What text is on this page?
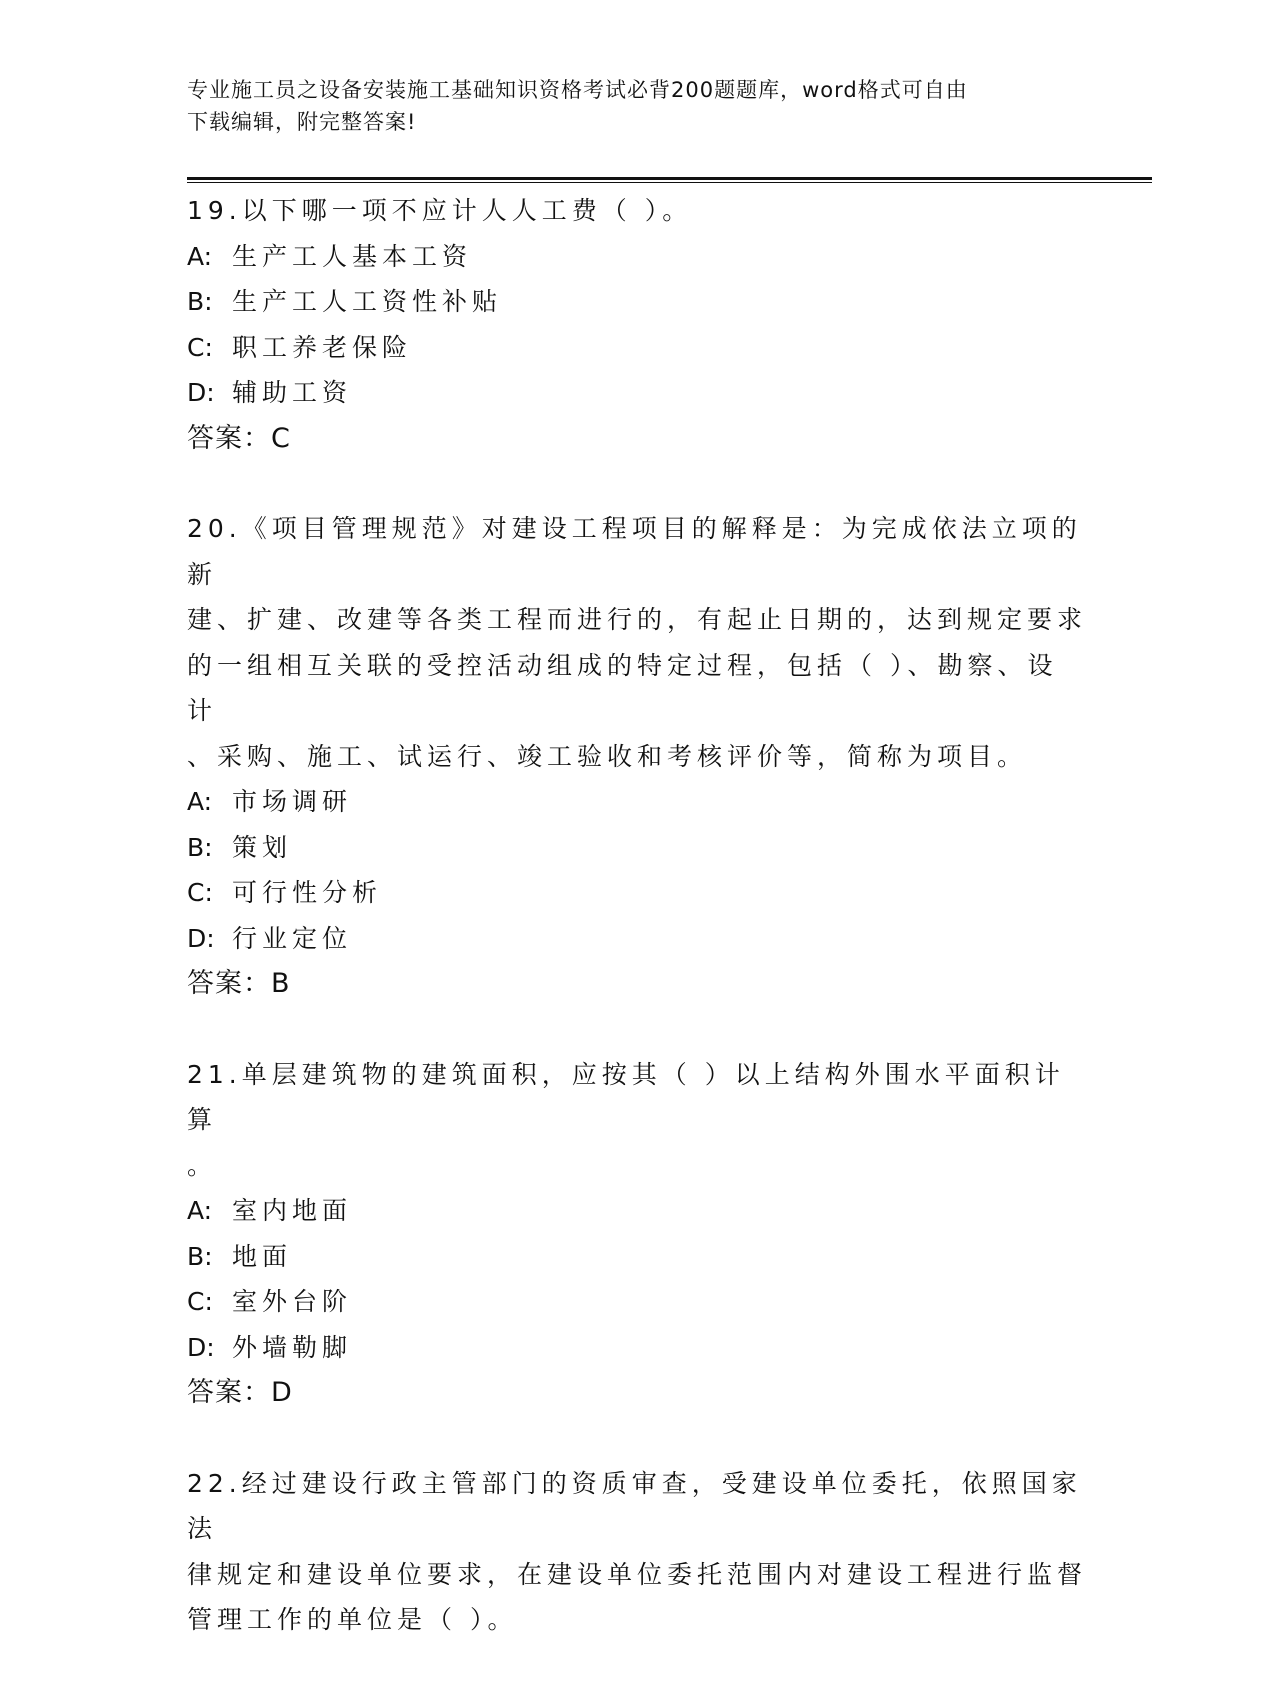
专业施工员之设备安装施工基础知识资格考试必背200题题库，word格式可自由
下载编辑，附完整答案!

19.以下哪一项不应计人人工费（ ）。

A: 生产工人基本工资

B: 生产工人工资性补贴

C: 职工养老保险

D: 辅助工资

答案：C

20.《项目管理规范》对建设工程项目的解释是：为完成依法立项的新

建、扩建、改建等各类工程而进行的，有起止日期的，达到规定要求

的一组相互关联的受控活动组成的特定过程，包括（ ）、勘察、设计

、采购、施工、试运行、竣工验收和考核评价等，简称为项目。

A: 市场调研

B: 策划

C: 可行性分析

D: 行业定位

答案：B

21.单层建筑物的建筑面积，应按其（ ）以上结构外围水平面积计算

。

A: 室内地面

B: 地面

C: 室外台阶

D: 外墙勒脚

答案：D

22.经过建设行政主管部门的资质审查，受建设单位委托，依照国家法

律规定和建设单位要求，在建设单位委托范围内对建设工程进行监督

管理工作的单位是（ ）。
